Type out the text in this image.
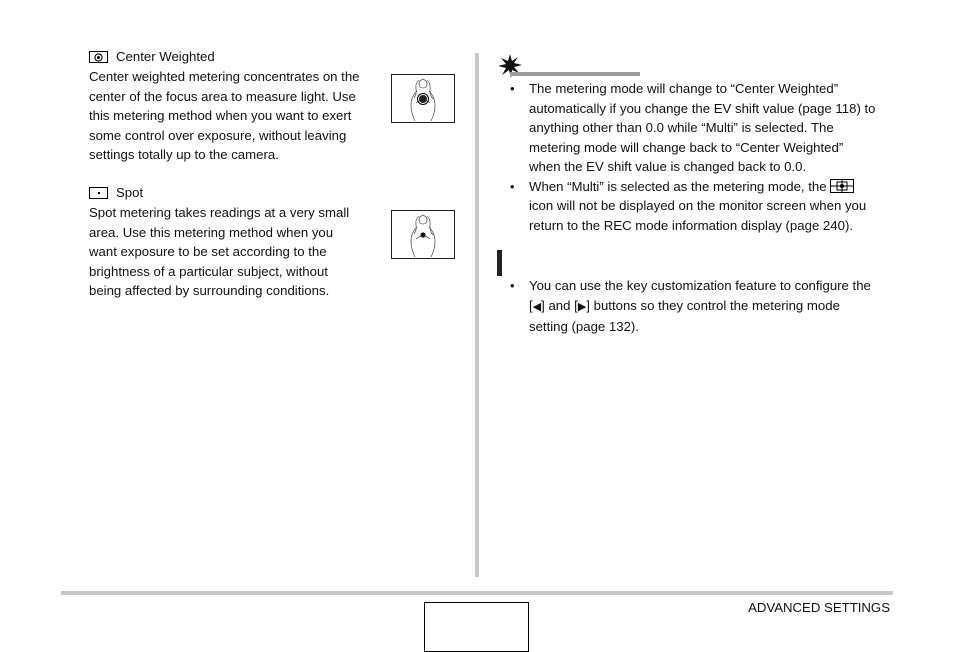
Center Weighted
Center weighted metering concentrates on the
center of the focus area to measure light. Use
this metering method when you want to exert
some control over exposure, without leaving
settings totally up to the camera.
Spot
Spot metering takes readings at a very small
area. Use this metering method when you
want exposure to be set according to the
brightness of a particular subject, without
being affected by surrounding conditions.
• The metering mode will change to “Center Weighted”
automatically if you change the EV shift value (page 118) to
anything other than 0.0 while “Multi” is selected. The
metering mode will change back to “Center Weighted”
when the EV shift value is changed back to 0.0.
• When “Multi” is selected as the metering mode, the
icon will not be displayed on the monitor screen when you
return to the REC mode information display (page 240).
• You can use the key customization feature to configure the
[◀] and [▶] buttons so they control the metering mode
setting (page 132).
ADVANCED SETTINGS
